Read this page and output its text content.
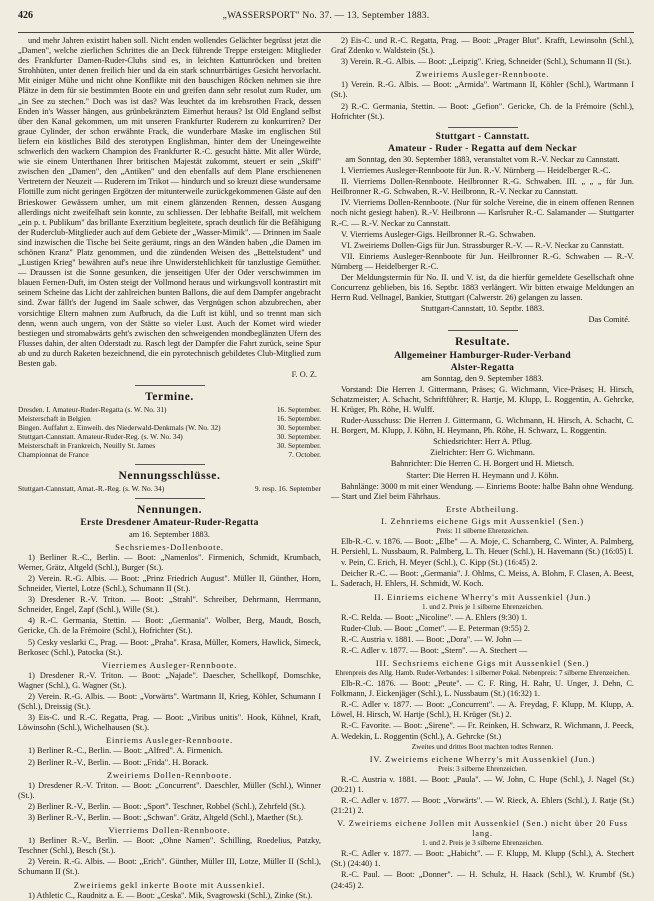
426	„WASSERSPORT" No. 37. — 13. September 1883.

und mehr Jahren existirt haben soll. Nicht enden wollendes Gelächter begrüsst jetzt die „Damen", welche zierlichen Schrittes die an Deck führende Treppe ersteigen: Mitglieder des Frankfurter Damen-Ruder-Clubs sind es, in leichten Kattunröcken und breiten Strohhüten, unter denen freilich hier und da ein stark schnurrbärtiges Gesicht hervorlacht. Mit einiger Mühe und nicht ohne Konflikte mit den bauschigen Röcken nehmen sie ihre Plätze in dem für sie bestimmten Boote ein und greifen dann sehr resolut zum Ruder, um „in See zu stechen." Doch was ist das? Was leuchtet da im krebsrothen Frack, dessen Enden in's Wasser hängen, aus grünbekränztem Eimerhut heraus? Ist Old England selbst über den Kanal gekommen, um mit unseren Frankfurter Ruderern zu konkurriren? Der graue Cylinder, der schon erwähnte Frack, die wunderbare Maske im englischen Stil liefern ein köstliches Bild des sterotypen Englishman, hinter dem der Uneingeweihte schwerlich den wackern Champion des Frankfurter R.-C. gesucht hätte. Mit aller Würde, wie sie einem Unterthanen Ihrer britischen Majestät zukommt, steuert er sein „Skiff" zwischen den „Damen", den „Antiken" und den ebenfalls auf dem Plane erschienenen Vertretern der Neuzeit — Ruderern im Trikot — hindurch und so kreuzt diese wundersame Flottille zum nicht geringen Ergötzen der mitunterweile zurückgekommenen Gäste auf den Brieskower Gewässern umher, um mit einem glänzenden Rennen, dessen Ausgang allerdings nicht zweifelhaft sein konnte, zu schliessen. Der lebhafte Beifall, mit welchem „ein p. t. Publikum" das brillante Exerzitium begleitete, sprach deutlich für die Befähigung der Ruderclub-Mitglieder auch auf dem Gebiete der „Wasser-Mimik". — Drinnen im Saale sind inzwischen die Tische bei Seite geräumt, rings an den Wänden haben „die Damen im schönen Kranz" Platz genommen, und die zündenden Weisen des „Bettelstudent" und „Lustigen Krieg" bewähren auf's neue ihre Unwiderstehlichkeit für tanzlustige Gemüther. — Draussen ist die Sonne gesunken, die jenseitigen Ufer der Oder verschwimmen im blauen Fernen-Duft, im Osten steigt der Vollmond heraus und wirkungsvoll kontrastirt mit seinem Scheine das Licht der zahlreichen bunten Ballons, die auf dem Dampfer angebracht sind. Zwar fällt's der Jugend im Saale schwer, das Vergnügen schon abzubrechen, aber vorsichtige Eltern mahnen zum Aufbruch, da die Luft ist kühl, und so trennt man sich denn, wenn auch ungern, von der Stätte so vieler Lust. Auch der Komet wird wieder bestiegen und stromabwärts geht's zwischen den schweigenden mondbeglänzten Ufern des Flusses dahin, der alten Oderstadt zu. Rasch legt der Dampfer die Fahrt zurück, seine Spur ab und zu durch Raketen bezeichnend, die ein pyrotechnisch gebildetes Club-Mitglied zum Besten gab.

F. O. Z.

Termine.
Dresden. I. Amateur-Ruder-Regatta (s. W. No. 31)	16. September.
Meisterschaft in Belgien	16. September.
Bingen. Auffahrt z. Einweih. des Niederwald-Denkmals (W. No. 32)	30. September.
Stuttgart-Cannstatt. Amateur-Ruder-Reg. (s. W. No. 34)	30. September.
Meisterschaft in Frankreich, Neuilly St. James	30. September.
Championnat de France	7. October.
Nennungsschlüsse.
Stuttgart-Cannstatt, Amat.-R.-Reg. (s. W. No. 34)	9. resp. 16. September
Nennungen.
Erste Dresdener Amateur-Ruder-Regatta

am 16. September 1883.

Sechsriemes-Dollenboote.

1) Berliner R.-C., Berlin. — Boot: „Namenlos". Firmenich, Schmidt, Krumbach, Werner, Grätz, Altgeld (Schl.), Burger (St.).

2) Verein. R.-G. Albis. — Boot: „Prinz Friedrich August". Müller II, Günther, Horn, Schneider, Viertel, Lotze (Schl.), Schumann II (St.).

3) Dresdener R.-V. Triton. — Boot: „Strahl". Schreiber, Dehrmann, Herrmann, Schneider, Engel, Zapf (Schl.), Wille (St.).

4) R.-C. Germania, Stettin. — Boot: „Germania". Wolber, Berg, Maudt, Bosch, Gericke, Ch. de la Frémoire (Schl.), Hofrichter (St.).

5) Cesky veslarki C., Prag. — Boot: „Praha". Krasa, Müller, Komers, Hawlick, Simeck, Berkosec (Schl.), Patocka (St.).

Vierriemes Ausleger-Rennboote.

1) Dresdener R.-V. Triton. — Boot: „Najade". Daescher, Schellkopf, Domschke, Wagner (Schl.), G. Wagner (St.).

2) Verein. R.-G. Albis. — Boot: „Vorwärts". Wartmann II, Krieg, Köhler, Schumann I (Schl.), Dreissig (St.).

3) Eis-C. und R.-C. Regatta, Prag. — Boot: „Viribus unitis". Hook, Kühnel, Kraft, Löwinsohn (Schl.), Wichelhausen (St.).

Einriems Ausleger-Rennboote.

1) Berliner R.-C., Berlin. — Boot: „Alfred". A. Firmenich.

2) Berliner R.-V., Berlin. — Boot: „Frida". H. Borack.

Zweiriems Dollen-Rennboote.

1) Dresdener R.-V. Triton. — Boot: „Concurrent". Daeschler, Müller (Schl.), Winner (St.).

2) Berliner R.-V., Berlin. — Boot: „Sport". Teschner, Robbel (Schl.), Zehrfeld (St.).

3) Berliner R.-V., Berlin. — Boot: „Schwan". Grätz, Altgeld (Schl.), Maether (St.).

Vierriems Dollen-Rennboote.

1) Berliner R.-V., Berlin. — Boot: „Ohne Namen". Schilling, Roedelius, Patzky, Teschner (Schl.), Besch (St.).

2) Verein. R.-G. Albis. — Boot: „Erich". Günther, Müller III, Lotze, Müller II (Schl.), Schumann II (St.).

Zweiriems gekl inkerte Boote mit Aussenkiel.

1) Athletic C., Raudnitz a. E. — Boot: „Ceska". Mik, Svagrowski (Schl.), Zinke (St.).

2) Eis-C. und R.-C. Regatta, Prag. — Boot: „Prager Blut". Krafft, Lewinsohn (Schl.), Graf Zdenko v. Waldstein (St.).

3) Verein. R.-G. Albis. — Boot: „Leipzig". Krieg, Schneider (Schl.), Schumann II (St.).

Zweiriems Ausleger-Rennboote.

1) Verein. R.-G. Albis. — Boot: „Armida". Wartmann II, Köhler (Schl.), Wartmann I (St.).

2) R.-C. Germania, Stettin. — Boot: „Gefion". Gericke, Ch. de la Frémoire (Schl.), Hofrichter (St.).

Stuttgart - Cannstatt.
Amateur - Ruder - Regatta auf dem Neckar

am Sonntag, den 30. September 1883, veranstaltet vom R.-V. Neckar zu Cannstatt.

I. Vierriemes Ausleger-Rennboote für Jun. R.-V. Nürnberg — Heidelberger R.-C.

II. Vierriems Dollen-Rennboote. Heilbronner R.-G. Schwaben. III. „ „ „ für Jun. Heilbronner R.-G. Schwaben, R.-V. Heilbronn, R.-V. Neckar zu Cannstatt.

IV. Vierriems Dollen-Rennboote. (Nur für solche Vereine, die in einem offenen Rennen noch nicht gesiegt haben). R.-V. Heilbronn — Karlsruher R.-C. Salamander — Stuttgarter R.-C. — R.-V. Neckar zu Cannstatt.

V. Vierriems Ausleger-Gigs. Heilbronner R.-G. Schwaben.

VI. Zweiriems Dollen-Gigs für Jun. Strassburger R.-V. — R.-V. Neckar zu Cannstatt.

VII. Einriems Ausleger-Rennboote für Jun. Heilbronner R.-G. Schwaben — R.-V. Nürnberg — Heidelberger R.-C.

Der Meldungstermin für No. II. und V. ist, da die hierfür gemeldete Gesellschaft ohne Concurrenz geblieben, bis 16. Septbr. 1883 verlängert. Wir bitten etwaige Meldungen an Herrn Rud. Vellnagel, Bankier, Stuttgart (Calwerstr. 26) gelangen zu lassen.

Stuttgart-Cannstatt, 10. Septbr. 1883.

Das Comité.

Resultate.
Allgemeiner Hamburger-Ruder-Verband
Alster-Regatta

am Sonntag, den 9. September 1883.

Vorstand: Die Herren J. Gittermann, Präses; G. Wichmann, Vice-Präses; H. Hirsch, Schatzmeister; A. Schacht, Schriftführer; R. Hartje, M. Klupp, L. Roggentin, A. Gehrcke, H. Krüger, Ph. Röhe, H. Wulff.

Ruder-Ausschuss: Die Herren J. Gittermann, G. Wichmann, H. Hirsch, A. Schacht, C. H. Borgert, M. Klupp, J. Köhn, H. Heymann, Ph. Röhe, H. Schwarz, L. Roggentin.

Schiedsrichter: Herr A. Pflug.

Zielrichter: Herr G. Wichmann.

Bahnrichter: Die Herren C. H. Borgert und H. Mietsch.

Starter: Die Herren H. Heymann und J. Köhn.

Bahnlänge: 3000 m mit einer Wendung. — Einriems Boote: halbe Bahn ohne Wendung. — Start und Ziel beim Fährhaus.

Erste Abtheilung.
I. Zehnriems eichene Gigs mit Aussenkiel (Sen.)

Preis: 11 silberne Ehrenzeichen.

Elb-R.-C. v. 1876. — Boot: „Elbe" — A. Moje, C. Scharnberg, C. Winter, A. Palmberg, H. Persiehl, L. Nussbaum, R. Palmberg, L. Th. Heuer (Schl.), H. Havemann (St.) (16:05) I.

v. Pein, C. Erich, H. Meyer (Schl.), C. Kipp (St.) (16:45) 2.

Deicher R.-C. — Boot: „Germania". J. Ohlms, C. Meiss, A. Blohm, F. Clasen, A. Beest, L. Saderach, H. Ehlers, H. Schmidt, W. Koch.

II. Einriems eichene Wherry's mit Aussenkiel (Jun.)

1. und 2. Preis je 1 silberne Ehrenzeichen.

R.-C. Relda. — Boot: „Nicoline". — A. Ehlers (9:30) 1.

Ruder-Club. — Boot: „Comet". — E. Peterman (9:55) 2.

R.-C. Austria v. 1881. — Boot: „Dora". — W. John —

R.-C. Adler v. 1877. — Boot: „Stern". — A. Stechert —

III. Sechsriems eichene Gigs mit Aussenkiel (Sen.)

Ehrenpreis des Allg. Hamb. Ruder-Verbandes: 1 silberner Pokal. Nebenpreis: 7 silberne Ehrenzeichen.

Elb-R.-C. 1876. — Boot: „Peute". — C. F. Ring, H. Rahr, U. Unger, J. Dehn, C. Folkmann, J. Eickenjäger (Schl.), L. Nussbaum (St.) (16:32) 1.

R.-C. Adler v. 1877. — Boot: „Concurrent". — A. Freydag, F. Klupp, M. Klupp, A. Löwel, H. Hirsch, W. Hartje (Schl.), H. Krüger (St.) 2.

R.-C. Favorite. — Boot: „Sirene". — Fr. Reinken, H. Schwarz, R. Wichmann, J. Peeck, A. Wedekin, L. Roggentin (Schl.), A. Gehrcke (St.)

Zweites und drittes Boot machten todtes Rennen.

IV. Zweiriems eichene Wherry's mit Aussenkiel (Jun.)

Preis: 3 silberne Ehrenzeichen.

R.-C. Austria v. 1881. — Boot: „Paula". — W. John, C. Hupe (Schl.), J. Nagel (St.) (20:21) 1.

R.-C. Adler v. 1877. — Boot: „Vorwärts". — W. Rieck, A. Ehlers (Schl.), J. Ratje (St.) (21:21) 2.

V. Zweiriems eichene Jollen mit Aussenkiel (Sen.) nicht über 20 Fuss lang.

1. und 2. Preis je 3 silberne Ehrenzeichen.

R.-C. Adler v. 1877. — Boot: „Habicht". — F. Klupp, M. Klupp (Schl.), A. Stechert (St.) (24:40) 1.

R.-C. Paul. — Boot: „Donner". — H. Schulz, H. Haack (Schl.), W. Krumbf (St.) (24:45) 2.
